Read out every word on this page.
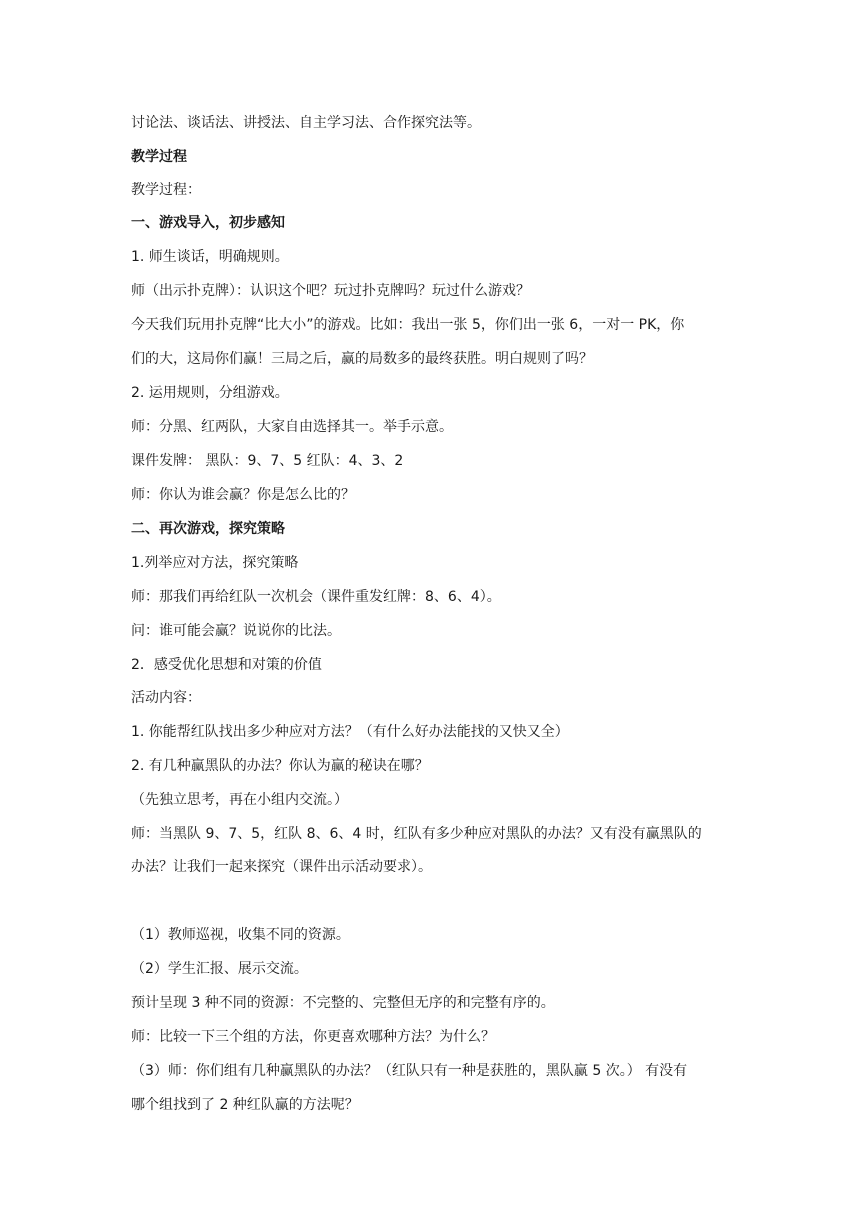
讨论法、谈话法、讲授法、自主学习法、合作探究法等。
教学过程
教学过程：
一、游戏导入，初步感知
1. 师生谈话，明确规则。
师（出示扑克牌）：认识这个吧？玩过扑克牌吗？玩过什么游戏？
今天我们玩用扑克牌“比大小”的游戏。比如：我出一张 5，你们出一张 6，一对一 PK，你
们的大，这局你们赢！三局之后，赢的局数多的最终获胜。明白规则了吗？
2. 运用规则，分组游戏。
师：分黑、红两队，大家自由选择其一。举手示意。
课件发牌： 黑队：9、7、5 红队：4、3、2
师：你认为谁会赢？你是怎么比的？
二、再次游戏，探究策略
1.列举应对方法，探究策略
师：那我们再给红队一次机会（课件重发红牌：8、6、4）。
问：谁可能会赢？说说你的比法。
2．感受优化思想和对策的价值
活动内容：
1. 你能帮红队找出多少种应对方法？（有什么好办法能找的又快又全）
2. 有几种赢黑队的办法？你认为赢的秘诀在哪？
（先独立思考，再在小组内交流。）
师：当黑队 9、7、5，红队 8、6、4 时，红队有多少种应对黑队的办法？又有没有赢黑队的
办法？让我们一起来探究（课件出示活动要求）。
（1）教师巡视，收集不同的资源。
（2）学生汇报、展示交流。
预计呈现 3 种不同的资源：不完整的、完整但无序的和完整有序的。
师：比较一下三个组的方法，你更喜欢哪种方法？为什么？
（3）师：你们组有几种赢黑队的办法？（红队只有一种是获胜的，黑队赢 5 次。） 有没有
哪个组找到了 2 种红队赢的方法呢？
